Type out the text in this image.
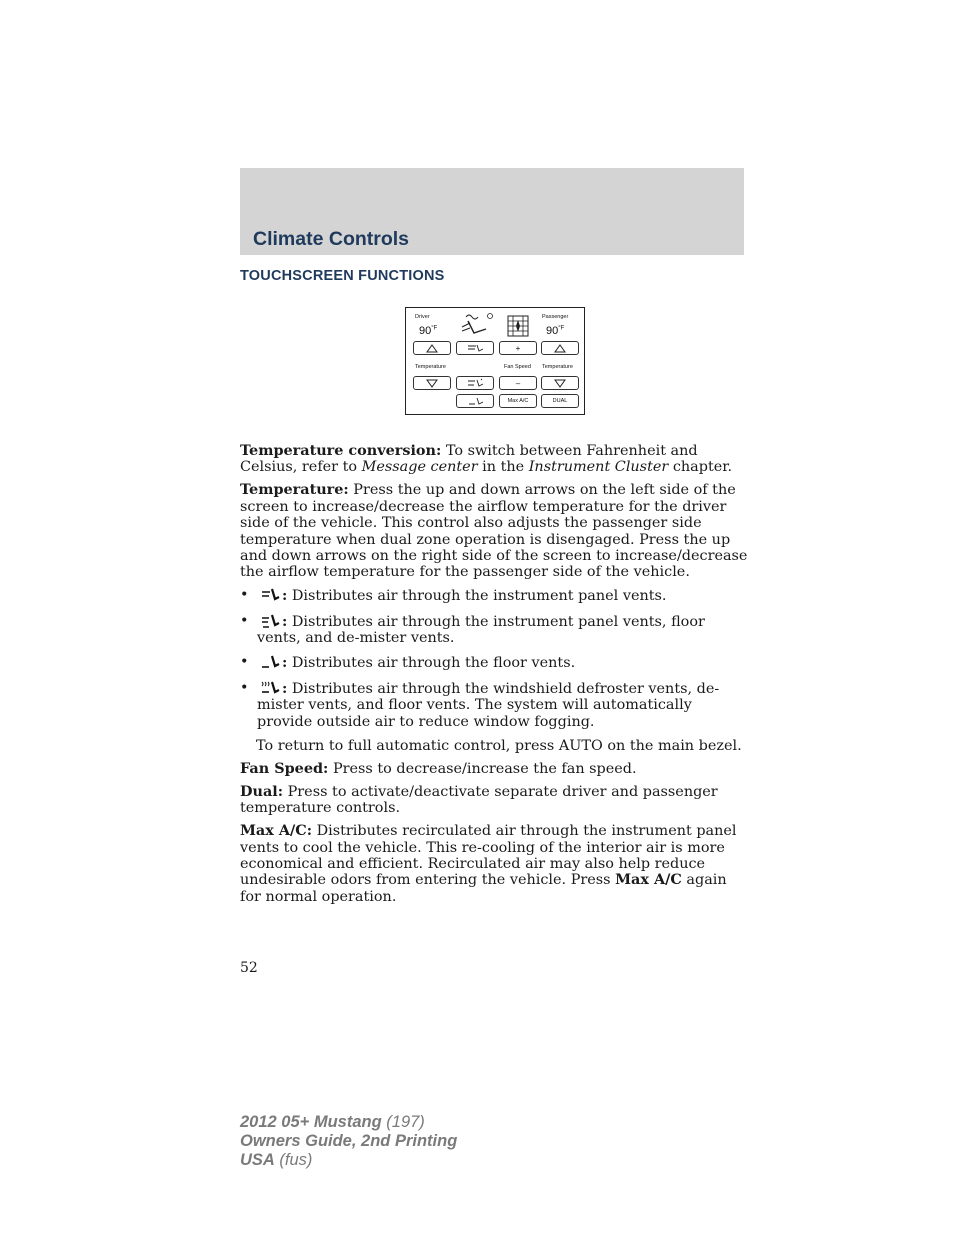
Climate Controls
TOUCHSCREEN FUNCTIONS
Driver	Passenger
$90^{^\circ F}$	$90^{^\circ F}$
+
Temperature	Fan Speed Temperature
–
Max A/C	DUAL

Temperature conversion: To switch between Fahrenheit and Celsius, refer to Message center in the Instrument Cluster chapter.

Temperature: Press the up and down arrows on the left side of the screen to increase/decrease the airflow temperature for the driver side of the vehicle. This control also adjusts the passenger side temperature when dual zone operation is disengaged. Press the up and down arrows on the right side of the screen to increase/decrease the airflow temperature for the passenger side of the vehicle.

• : Distributes air through the instrument panel vents.
• : Distributes air through the instrument panel vents, floor vents, and de-mister vents.
• : Distributes air through the floor vents.
• : Distributes air through the windshield defroster vents, de-mister vents, and floor vents. The system will automatically provide outside air to reduce window fogging.

To return to full automatic control, press AUTO on the main bezel.

Fan Speed: Press to decrease/increase the fan speed.

Dual: Press to activate/deactivate separate driver and passenger temperature controls.

Max A/C: Distributes recirculated air through the instrument panel vents to cool the vehicle. This re-cooling of the interior air is more economical and efficient. Recirculated air may also help reduce undesirable odors from entering the vehicle. Press Max A/C again for normal operation.

52
2012 05+ Mustang (197)
Owners Guide, 2nd Printing
USA (fus)
